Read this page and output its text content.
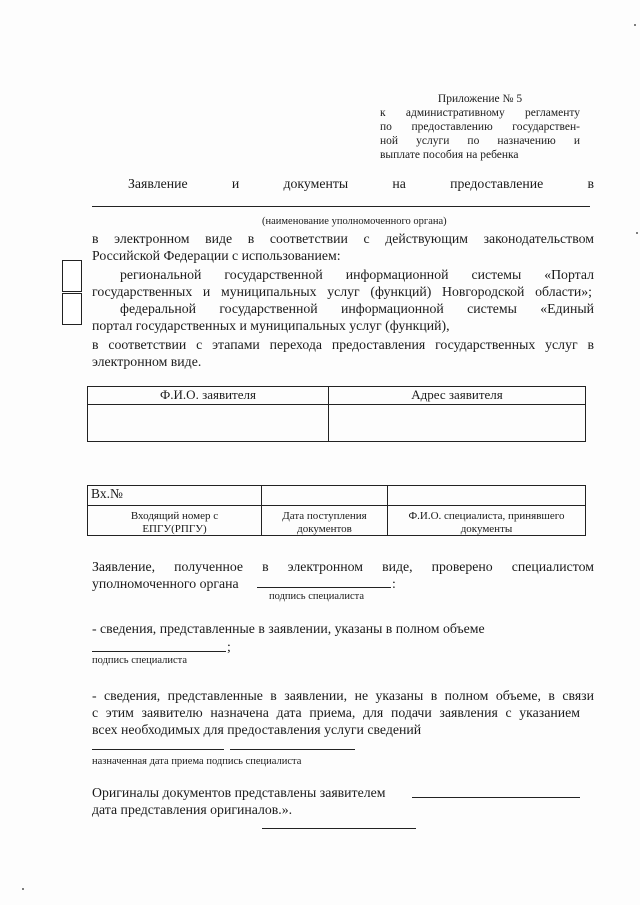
Приложение № 5
к административному регламенту
по предоставлению государствен-
ной услуги по назначению и
выплате пособия на ребенка
Заявление	и	документы	на	предоставление	в
(наименование уполномоченного органа)
в электронном виде в соответствии с действующим законодательством
Российской Федерации с использованием:
региональной государственной информационной системы «Портал
государственных и муниципальных услуг (функций) Новгородской области»;
федеральной государственной информационной системы «Единый
портал государственных и муниципальных услуг (функций),
в соответствии с этапами перехода предоставления государственных услуг в
электронном виде.
Ф.И.О. заявителя	Адрес заявителя

Вх.№		
Входящий номер с ЕПГУ(РПГУ)	Дата поступления документов	Ф.И.О. специалиста, принявшего документы
Заявление, полученное в электронном виде, проверено специалистом
уполномоченного органа	:
подпись специалиста
- сведения, представленные в заявлении, указаны в полном объеме
;
подпись специалиста
- сведения, представленные в заявлении, не указаны в полном объеме, в связи
с этим заявителю назначена дата приема, для подачи заявления с указанием
всех необходимых для предоставления услуги сведений
назначенная дата приема подпись специалиста
Оригиналы документов представлены заявителем
дата представления оригиналов.».
